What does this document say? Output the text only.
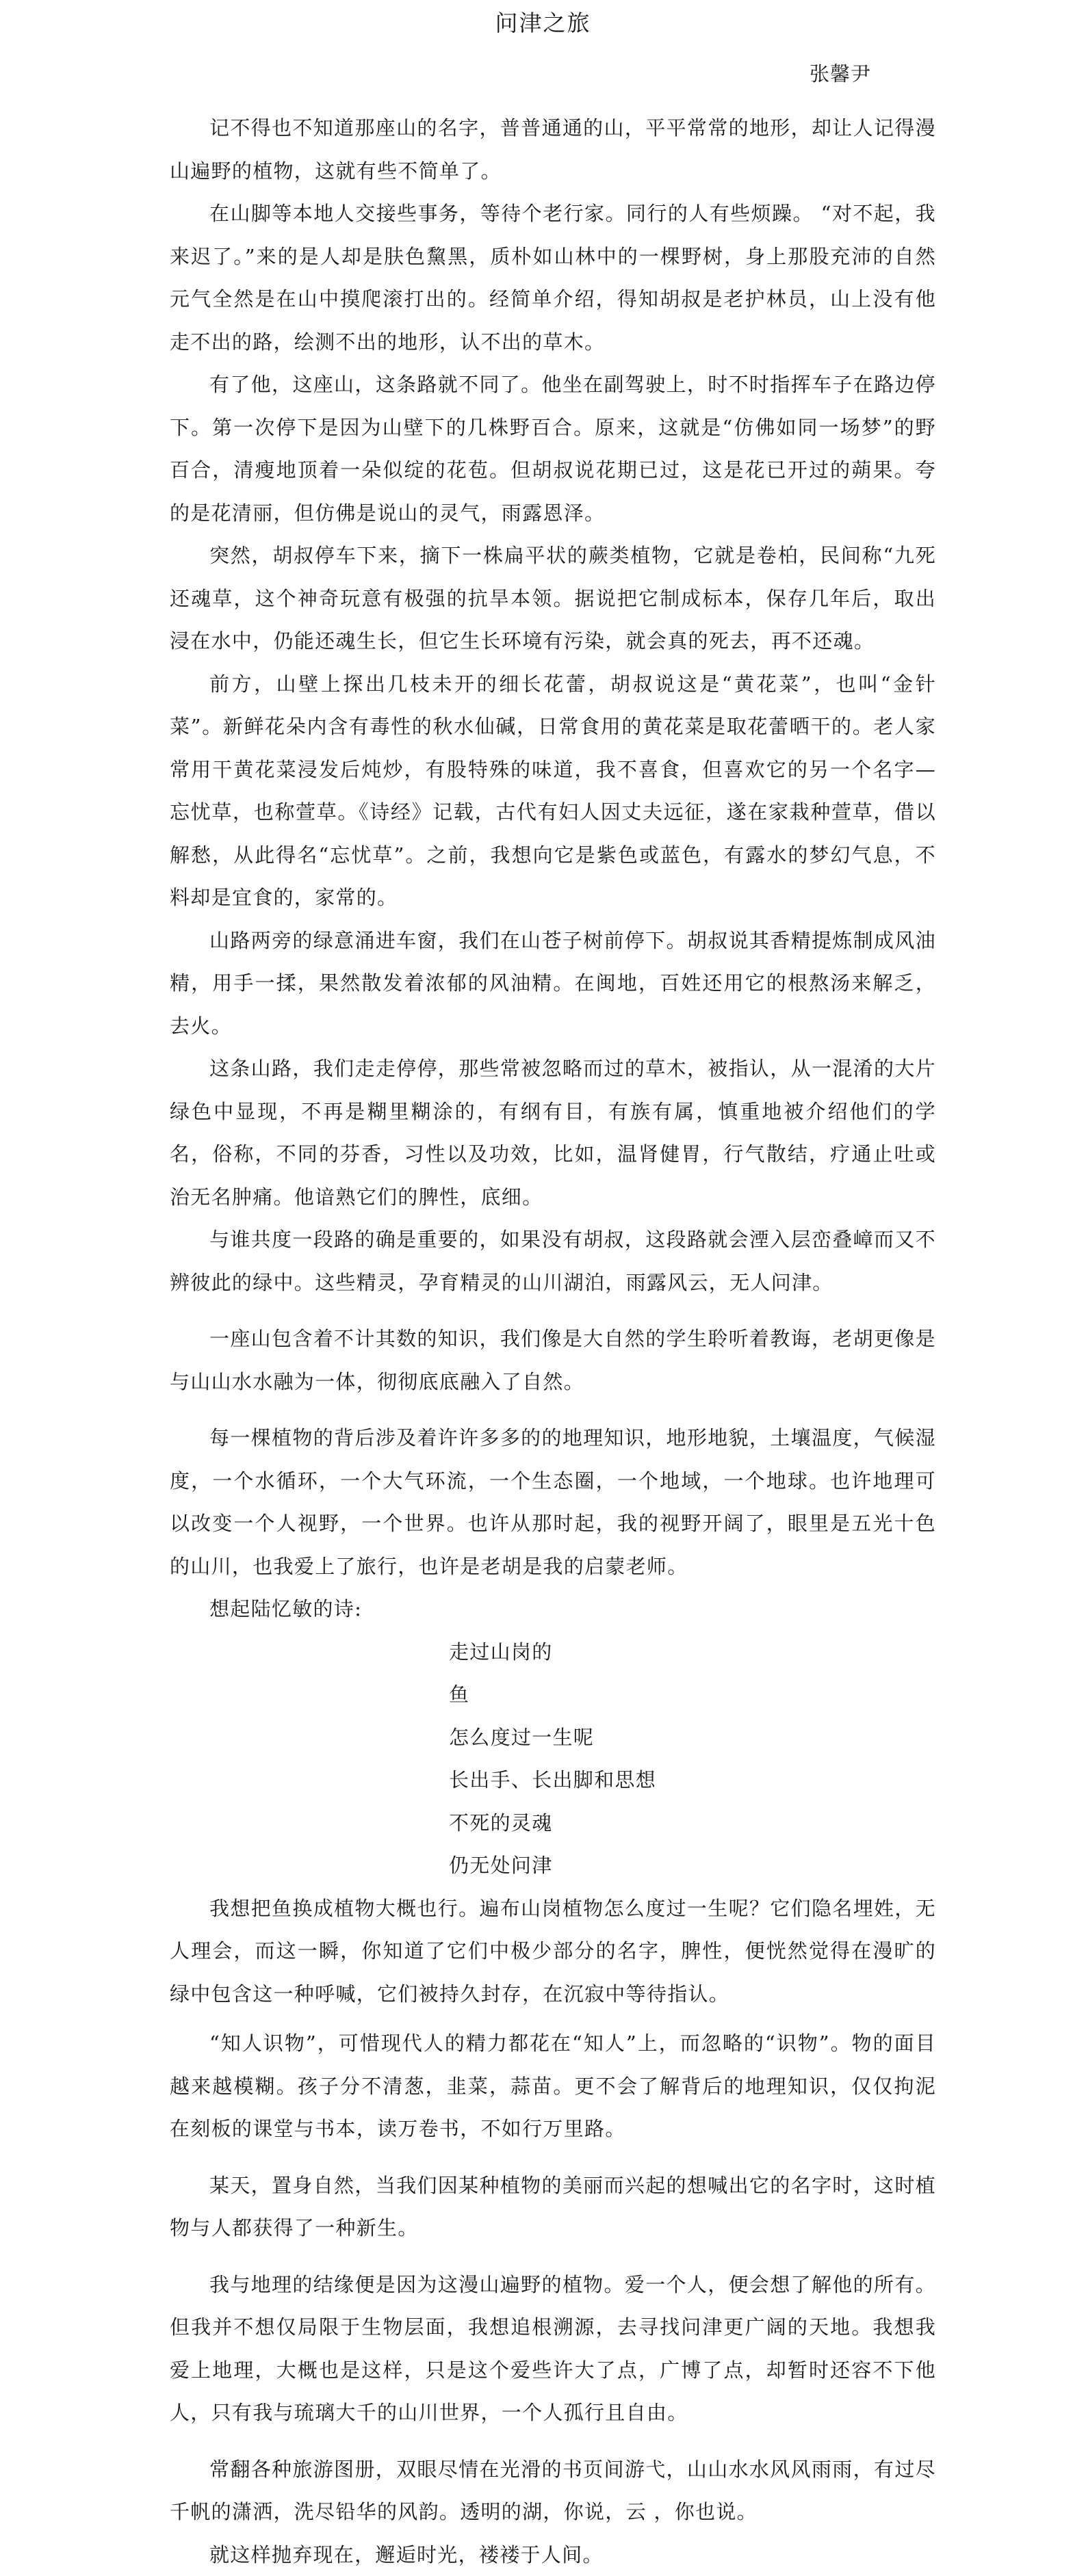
问津之旅
张馨尹

记不得也不知道那座山的名字，普普通通的山，平平常常的地形，却让人记得漫山遍野的植物，这就有些不简单了。

在山脚等本地人交接些事务，等待个老行家。同行的人有些烦躁。 “对不起，我来迟了。”来的是人却是肤色黧黑，质朴如山林中的一棵野树，身上那股充沛的自然元气全然是在山中摸爬滚打出的。经简单介绍，得知胡叔是老护林员，山上没有他走不出的路，绘测不出的地形，认不出的草木。

有了他，这座山，这条路就不同了。他坐在副驾驶上，时不时指挥车子在路边停下。第一次停下是因为山壁下的几株野百合。原来，这就是“仿佛如同一场梦”的野百合，清瘦地顶着一朵似绽的花苞。但胡叔说花期已过，这是花已开过的蒴果。夸的是花清丽，但仿佛是说山的灵气，雨露恩泽。

突然，胡叔停车下来，摘下一株扁平状的蕨类植物，它就是卷柏，民间称“九死还魂草，这个神奇玩意有极强的抗旱本领。据说把它制成标本，保存几年后，取出浸在水中，仍能还魂生长，但它生长环境有污染，就会真的死去，再不还魂。

前方，山壁上探出几枝未开的细长花蕾，胡叔说这是“黄花菜”，也叫“金针菜”。新鲜花朵内含有毒性的秋水仙碱，日常食用的黄花菜是取花蕾晒干的。老人家常用干黄花菜浸发后炖炒，有股特殊的味道，我不喜食，但喜欢它的另一个名字—忘忧草，也称萱草。《诗经》记载，古代有妇人因丈夫远征，遂在家栽种萱草，借以解愁，从此得名“忘忧草”。之前，我想向它是紫色或蓝色，有露水的梦幻气息，不料却是宜食的，家常的。

山路两旁的绿意涌进车窗，我们在山苍子树前停下。胡叔说其香精提炼制成风油精，用手一揉，果然散发着浓郁的风油精。在闽地，百姓还用它的根熬汤来解乏，去火。

这条山路，我们走走停停，那些常被忽略而过的草木，被指认，从一混淆的大片绿色中显现，不再是糊里糊涂的，有纲有目，有族有属，慎重地被介绍他们的学名，俗称，不同的芬香，习性以及功效，比如，温肾健胃，行气散结，疗通止吐或治无名肿痛。他谙熟它们的脾性，底细。

与谁共度一段路的确是重要的，如果没有胡叔，这段路就会湮入层峦叠嶂而又不辨彼此的绿中。这些精灵，孕育精灵的山川湖泊，雨露风云，无人问津。

一座山包含着不计其数的知识，我们像是大自然的学生聆听着教诲，老胡更像是与山山水水融为一体，彻彻底底融入了自然。

每一棵植物的背后涉及着许许多多的的地理知识，地形地貌，土壤温度，气候湿度，一个水循环，一个大气环流，一个生态圈，一个地域，一个地球。也许地理可以改变一个人视野，一个世界。也许从那时起，我的视野开阔了，眼里是五光十色的山川，也我爱上了旅行，也许是老胡是我的启蒙老师。

想起陆忆敏的诗:

走过山岗的
鱼
怎么度过一生呢
长出手、长出脚和思想
不死的灵魂
仍无处问津

我想把鱼换成植物大概也行。遍布山岗植物怎么度过一生呢？它们隐名埋姓，无人理会，而这一瞬，你知道了它们中极少部分的名字，脾性，便恍然觉得在漫旷的绿中包含这一种呼喊，它们被持久封存，在沉寂中等待指认。

“知人识物”，可惜现代人的精力都花在“知人”上，而忽略的“识物”。物的面目越来越模糊。孩子分不清葱，韭菜，蒜苗。更不会了解背后的地理知识，仅仅拘泥在刻板的课堂与书本，读万卷书，不如行万里路。

某天，置身自然，当我们因某种植物的美丽而兴起的想喊出它的名字时，这时植物与人都获得了一种新生。

我与地理的结缘便是因为这漫山遍野的植物。爱一个人，便会想了解他的所有。但我并不想仅局限于生物层面，我想追根溯源，去寻找问津更广阔的天地。我想我爱上地理，大概也是这样，只是这个爱些许大了点，广博了点，却暂时还容不下他人，只有我与琉璃大千的山川世界，一个人孤行且自由。

常翻各种旅游图册，双眼尽情在光滑的书页间游弋，山山水水风风雨雨，有过尽千帆的潇洒，洗尽铅华的风韵。透明的湖，你说，云 ，你也说。

就这样抛弃现在，邂逅时光，褛褛于人间。
